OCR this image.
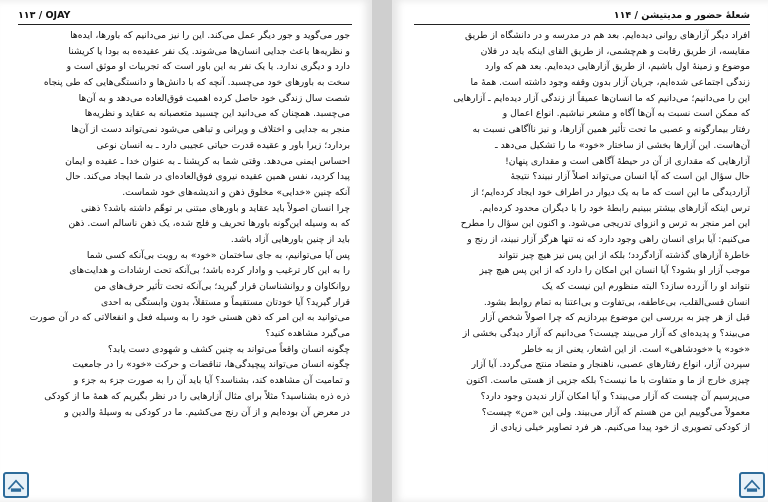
۱۱۳ / OJAY
جور می‌گوید و جور دیگر عمل می‌کند. این را نیز می‌دانیم که باورها، ایده‌ها
و نظریه‌ها باعث جدایی انسان‌ها می‌شوند. یک نفر عقیده‌ه به بودا یا کریشنا
دارد و دیگری ندارد. یا یک نفر به این باور است که تجربیات او موثق است و
سخت به باورهای خود می‌چسبد. آنچه که با دانش‌ها و دانستگی‌هایی که طی پنجاه
شصت سال زندگی خود حاصل کرده اهمیت فوق‌العاده می‌دهد و به آن‌ها
می‌چسبد. همچنان که می‌دانید این چسبید متعصبانه به عقاید و نظریه‌ها
منجر به جدایی و اختلاف و ویرانی و تباهی می‌شود نمی‌تواند دست از آن‌ها
بردارد؛ زیرا باور و عقیده قدرت حیاتی عجیبی دارد ـ به انسان نوعی
احساس ایمنی می‌دهد. وقتی شما به کریشنا ـ به عنوان خدا ـ عقیده و ایمان
پیدا کردید، نفس همین عقیده نیروی فوق‌العاده‌ای در شما ایجاد می‌کند. حال
آنکه چنین «خدایی» مخلوق ذهن و اندیشه‌های خود شماست.
چرا انسان اصولاً باید عقاید و باورهای مبتنی بر توهّم داشته باشد؟ ذهنی
که به وسیله این‌گونه باورها تحریف و فلج شده، یک ذهن ناسالم است. ذهن
باید از چنین باورهایی آزاد باشد.
پس آیا می‌توانیم، به جای ساختمان «خود» به رویت بی‌آنکه کسی شما
را به این کار ترغیب و وادار کرده باشد؛ بی‌آنکه تحت ارشادات و هدایت‌های
روانکاوان و روانشناسان قرار گیرید؛ بی‌آنکه تحت تأثیر حرف‌های من
قرار گیرید؟ آیا خودتان مستقیماً و مستقلاً، بدون وابستگی به احدی
می‌توانید به این امر که ذهن هستی خود را به وسیله فعل و انفعالاتی که در آن صورت
می‌گیرد مشاهده کنید؟
چگونه انسان واقعاً می‌تواند به چنین کشف و شهودی دست یابد؟
چگونه انسان می‌تواند پیچیدگی‌ها، تناقضات و حرکت «خود» را در جامعیت
و تمامیت آن مشاهده کند، بشناسد؟ آیا باید آن را به صورت جزء به جزء و
ذره ذره بشناسید؟ مثلاً برای مثال آزارهایی را در نظر بگیریم که همهٔ ما از کودکی
در معرض آن بوده‌ایم و از آن رنج می‌کشیم. ما در کودکی به وسیلهٔ والدین و
۱۱۴ / شعلهٔ حضور و مدیتیشن
افراد دیگر آزارهای روانی دیده‌ایم. بعد هم در مدرسه و در دانشگاه از طریق
مقایسه، از طریق رقابت و هم‌چشمی، از طریق القای اینکه باید در فلان
موضوع و زمینهٔ اول باشیم، از طریق آزارهایی دیده‌ایم. بعد هم که وارد
زندگی اجتماعی شده‌ایم، جریان آزار بدون وقفه وجود داشته است. همهٔ ما
این را می‌دانیم؛ می‌دانیم که ما انسان‌ها عمیقاً از زندگی آزار دیده‌ایم ـ آزارهایی
که ممکن است نسبت به آن‌ها آگاه و مشعر نباشیم. انواع اعمال و
رفتار بیمارگونه و عصبی ما تحت تأثیر همین آزارها، و نیز ناآگاهی نسبت به
آن‌هاست. این آزارها بخشی از ساختار «خود» ما را تشکیل می‌دهد ـ
آزارهایی که مقداری از آن در حیطهٔ آگاهی است و مقداری پنهان!
حال سؤال این است که آیا انسان می‌تواند اصلاً آزار نبیند؟ نتیجهٔ
آزاردیدگی ما این است که ما به یک دیوار در اطراف خود ایجاد کرده‌ایم؛ از
ترس اینکه آزارهای بیشتر ببینیم رابطهٔ خود را با دیگران محدود کرده‌ایم.
این امر منجر به ترس و انزوای تدریجی می‌شود. و اکنون این سؤال را مطرح
می‌کنیم: آیا برای انسان راهی وجود دارد که نه تنها هرگز آزار نبیند، از رنج و
خاطرهٔ آزارهای گذشته آزادگردد؛ بلکه از این پس نیز هیچ چیز نتواند
موجب آزار او بشود؟ آیا انسان این امکان را دارد که از این پس هیچ چیز
نتواند او را آزرده سازد؟ البته منظورم این نیست که یک
انسان قسی‌القلب، بی‌عاطفه، بی‌تفاوت و بی‌اعتنا به تمام روابط بشود.
قبل از هر چیز به بررسی این موضوع بپردازیم که چرا اصولاً شخص آزار
می‌بیند؟ و پدیده‌ای که آزار می‌بیند چیست؟ می‌دانیم که آزار دیدگی بخشی از
«خود» یا «خودشاهی» است. از این اشعار، یعنی از به خاطر
سپردن آزار، انواع رفتارهای عصبی، ناهنجار و متضاد منتج می‌گردد. آیا آزار
چیزی خارج از ما و متفاوت با ما نیست؟ بلکه جزیی از هستی ماست. اکنون
می‌پرسیم آن چیست که آزار می‌بیند؟ و آیا امکان آزار ندیدن وجود دارد؟
معمولاً می‌گوییم این من هستم که آزار می‌بیند. ولی این «من» چیست؟
از کودکی تصویری از خود پیدا می‌کنیم. هر فرد تصاویر خیلی زیادی از
